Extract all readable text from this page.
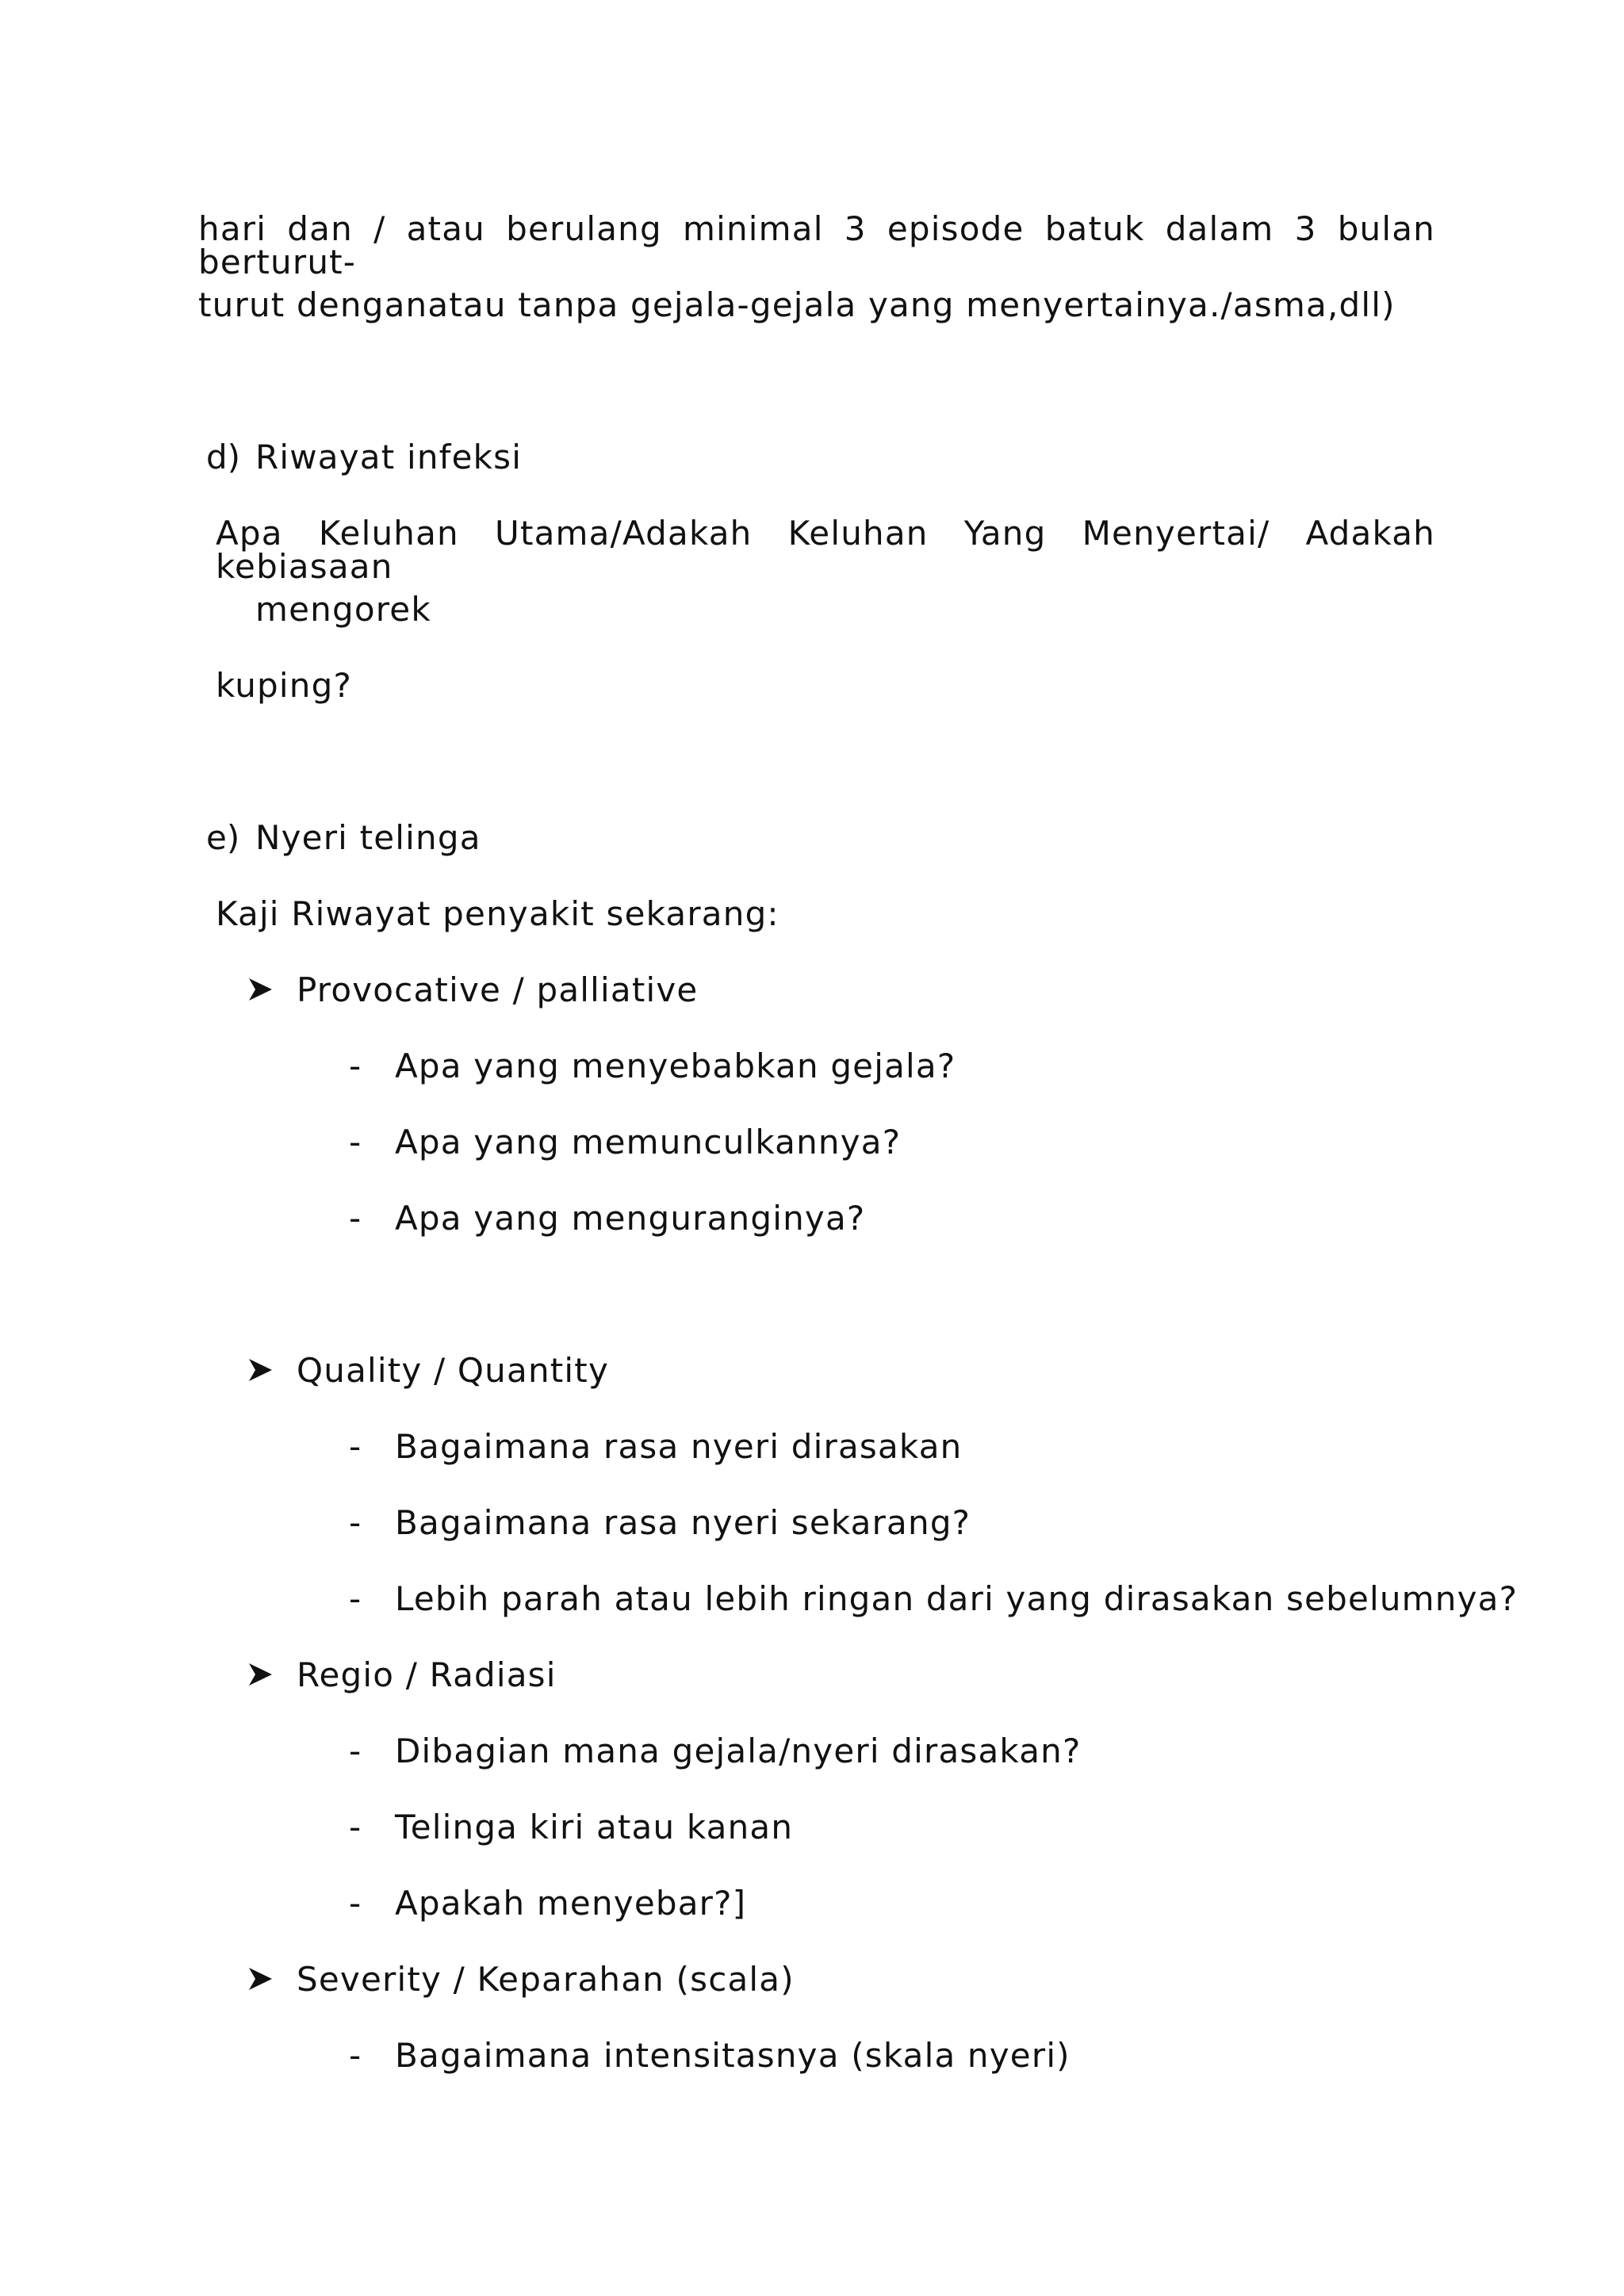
hari dan / atau berulang minimal 3 episode batuk dalam 3 bulan berturut-
turut denganatau tanpa gejala-gejala yang menyertainya./asma,dll)
d) Riwayat infeksi
Apa Keluhan Utama/Adakah Keluhan Yang Menyertai/ Adakah kebiasaan
mengorek
kuping?
e) Nyeri telinga
Kaji Riwayat penyakit sekarang:
Provocative / palliative
- Apa yang menyebabkan gejala?
- Apa yang memunculkannya?
- Apa yang menguranginya?
Quality / Quantity
- Bagaimana rasa nyeri dirasakan
- Bagaimana rasa nyeri sekarang?
- Lebih parah atau lebih ringan dari yang dirasakan sebelumnya?
Regio / Radiasi
- Dibagian mana gejala/nyeri dirasakan?
- Telinga kiri atau kanan
- Apakah menyebar?]
Severity / Keparahan (scala)
- Bagaimana intensitasnya (skala nyeri)
